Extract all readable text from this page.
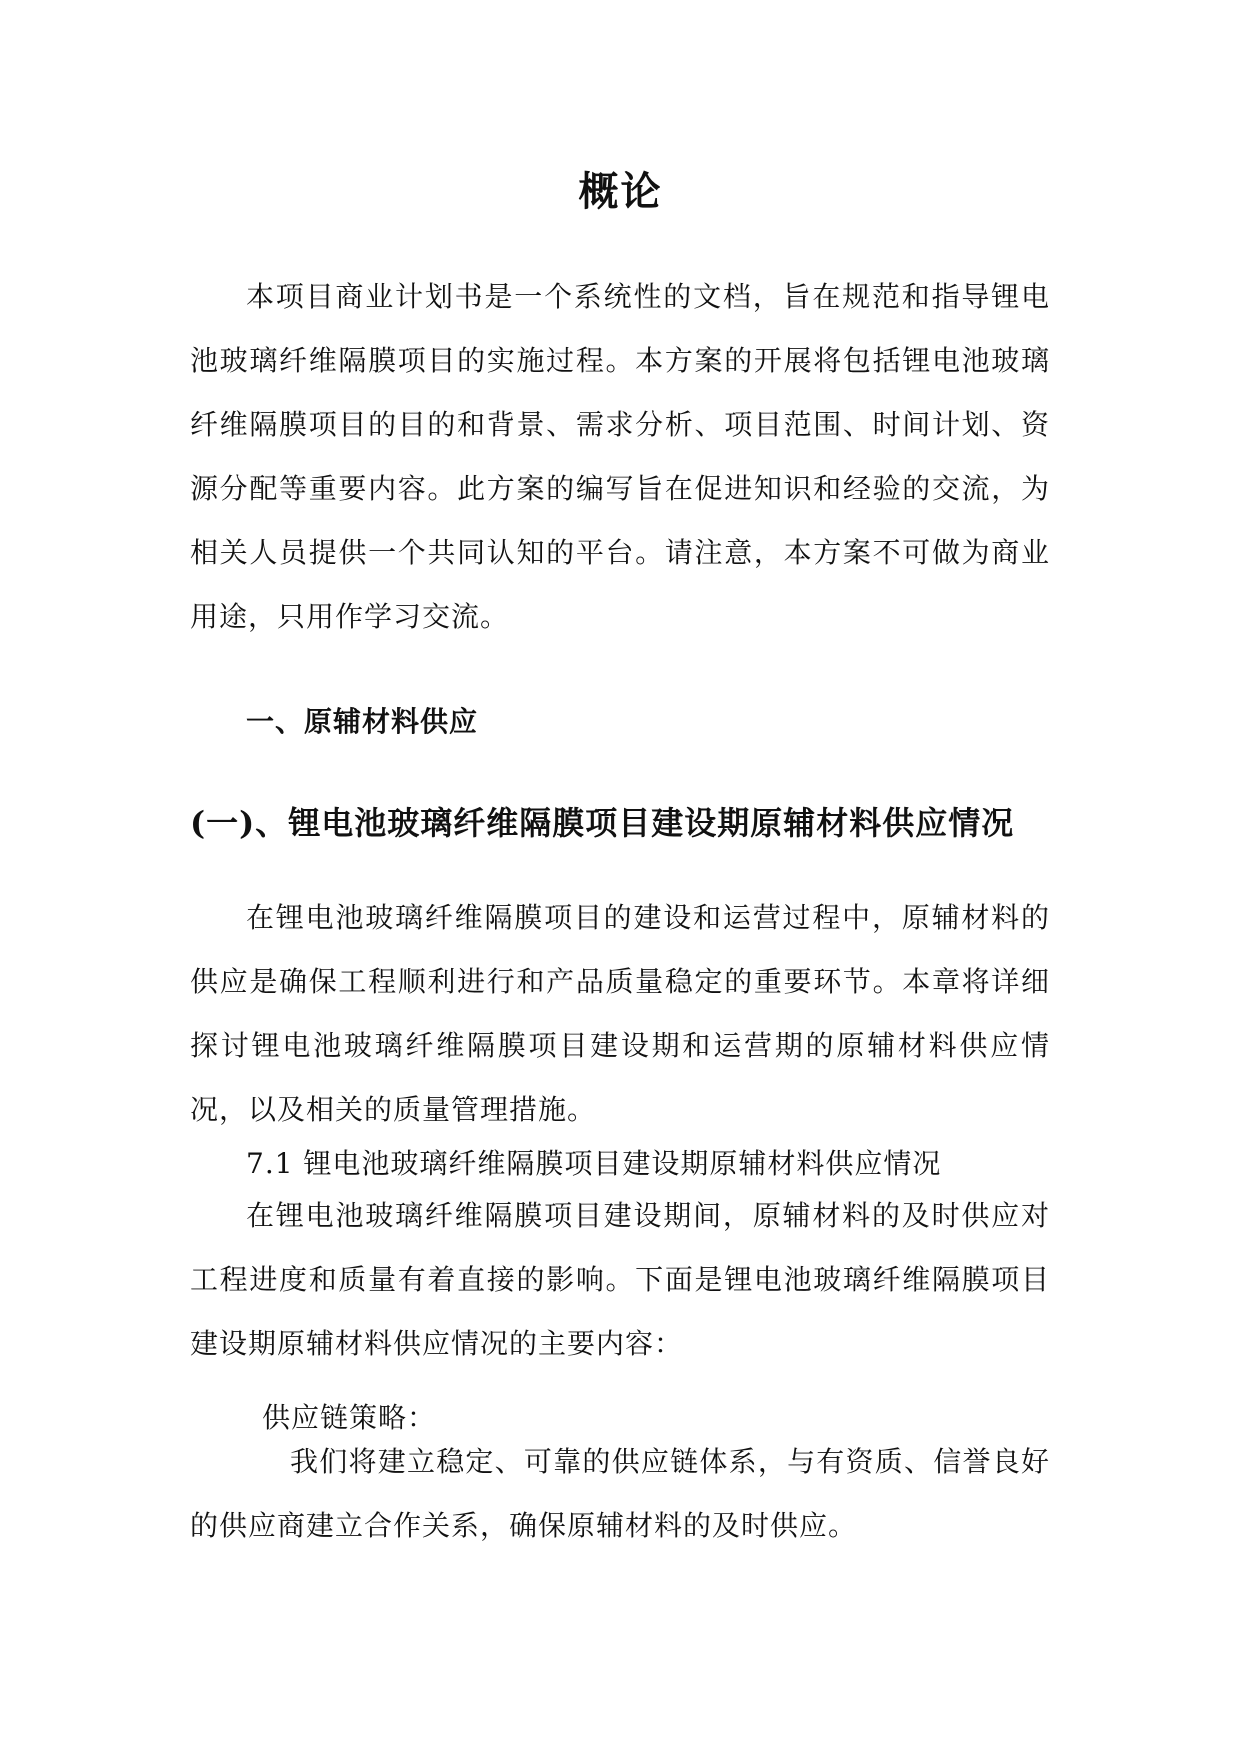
概论

本项目商业计划书是一个系统性的文档，旨在规范和指导锂电池玻璃纤维隔膜项目的实施过程。本方案的开展将包括锂电池玻璃纤维隔膜项目的目的和背景、需求分析、项目范围、时间计划、资源分配等重要内容。此方案的编写旨在促进知识和经验的交流，为相关人员提供一个共同认知的平台。请注意，本方案不可做为商业用途，只用作学习交流。

一、原辅材料供应
(一)、锂电池玻璃纤维隔膜项目建设期原辅材料供应情况

在锂电池玻璃纤维隔膜项目的建设和运营过程中，原辅材料的供应是确保工程顺利进行和产品质量稳定的重要环节。本章将详细探讨锂电池玻璃纤维隔膜项目建设期和运营期的原辅材料供应情况，以及相关的质量管理措施。

7.1 锂电池玻璃纤维隔膜项目建设期原辅材料供应情况

在锂电池玻璃纤维隔膜项目建设期间，原辅材料的及时供应对工程进度和质量有着直接的影响。下面是锂电池玻璃纤维隔膜项目建设期原辅材料供应情况的主要内容：

供应链策略：

我们将建立稳定、可靠的供应链体系，与有资质、信誉良好的供应商建立合作关系，确保原辅材料的及时供应。
